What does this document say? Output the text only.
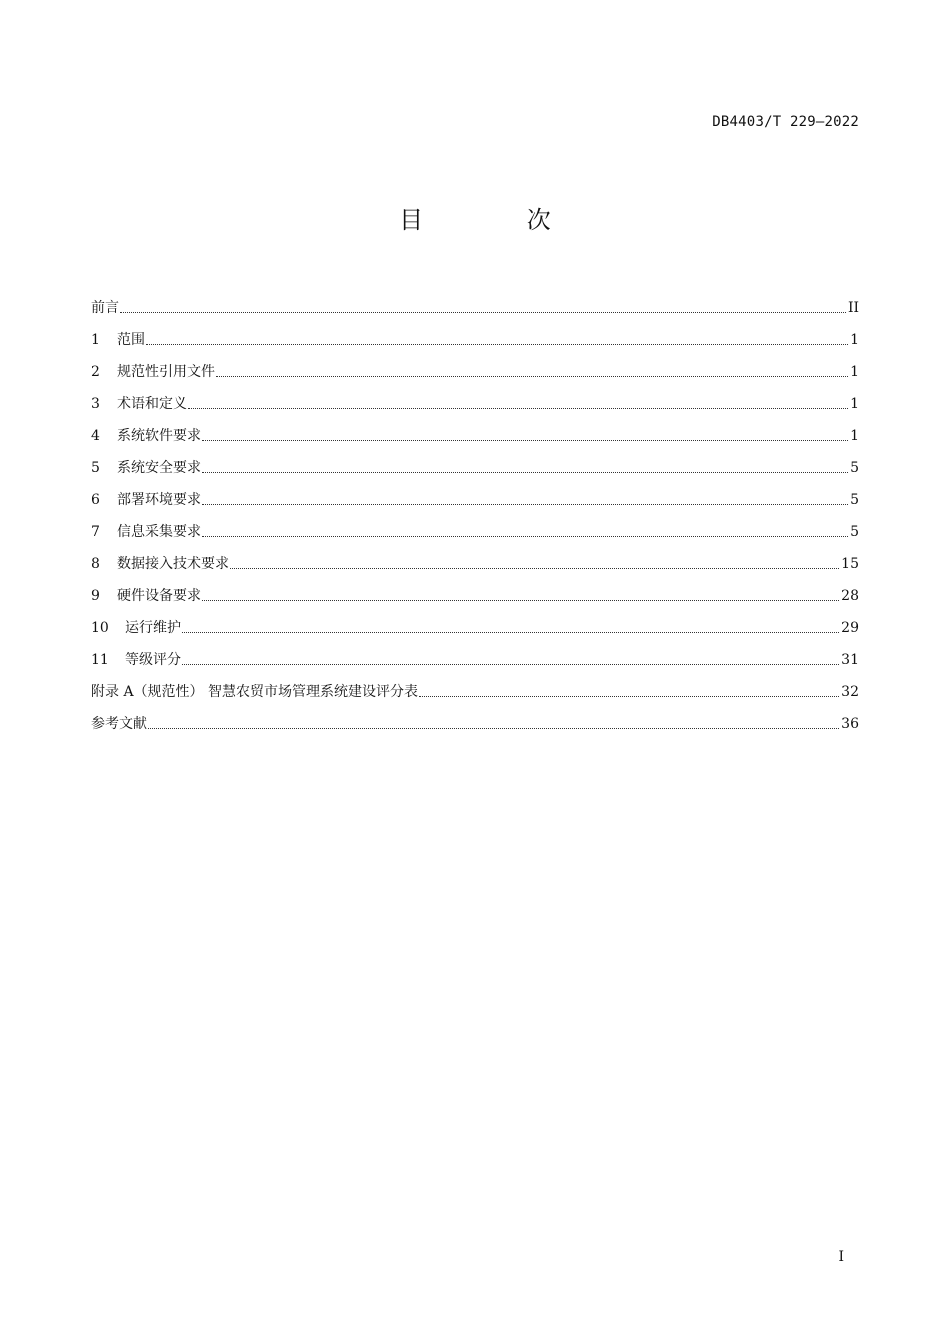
DB4403/T 229—2022
目 次
前言	II
1	范围	1
2	规范性引用文件	1
3	术语和定义	1
4	系统软件要求	1
5	系统安全要求	5
6	部署环境要求	5
7	信息采集要求	5
8	数据接入技术要求	15
9	硬件设备要求	28
10	运行维护	29
11	等级评分	31
附录 A（规范性） 智慧农贸市场管理系统建设评分表	32
参考文献	36
I
